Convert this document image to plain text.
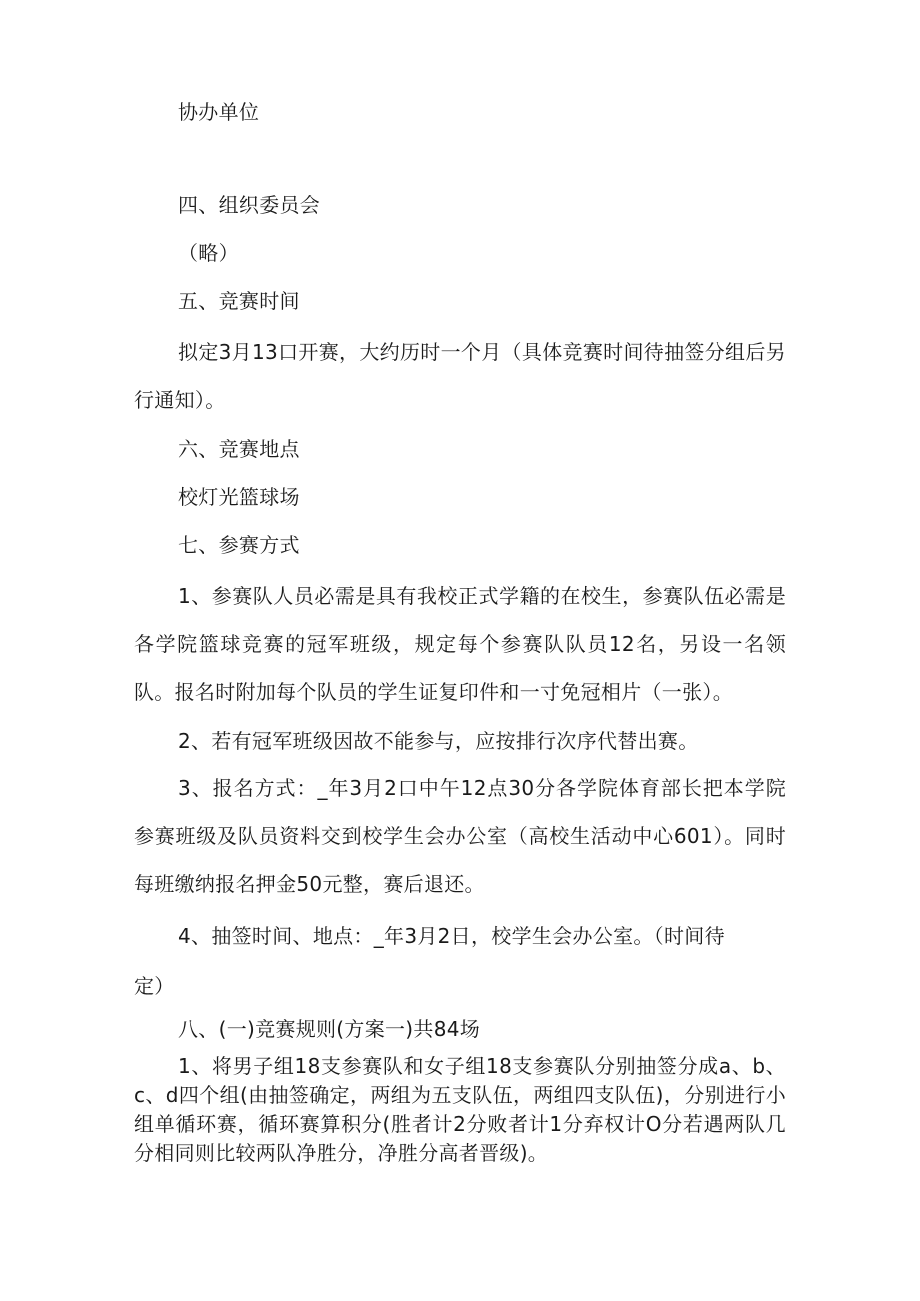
协办单位
四、组织委员会
（略）
五、竞赛时间
拟定3月13口开赛，大约历时一个月（具体竞赛时间待抽签分组后另行通知）。
六、竞赛地点
校灯光篮球场
七、参赛方式
1、参赛队人员必需是具有我校正式学籍的在校生，参赛队伍必需是各学院篮球竞赛的冠军班级，规定每个参赛队队员12名，另设一名领队。报名时附加每个队员的学生证复印件和一寸免冠相片（一张）。
2、若有冠军班级因故不能参与，应按排行次序代替出赛。
3、报名方式：_年3月2口中午12点30分各学院体育部长把本学院参赛班级及队员资料交到校学生会办公室（高校生活动中心601）。同时每班缴纳报名押金50元整，赛后退还。
4、抽签时间、地点：_年3月2日，校学生会办公室。（时间待
定）
八、(一)竞赛规则(方案一)共84场
1、将男子组18支参赛队和女子组18支参赛队分别抽签分成a、b、c、d四个组(由抽签确定，两组为五支队伍，两组四支队伍)，分别进行小组单循环赛，循环赛算积分(胜者计2分败者计1分弃权计O分若遇两队几分相同则比较两队净胜分，净胜分高者晋级)。
